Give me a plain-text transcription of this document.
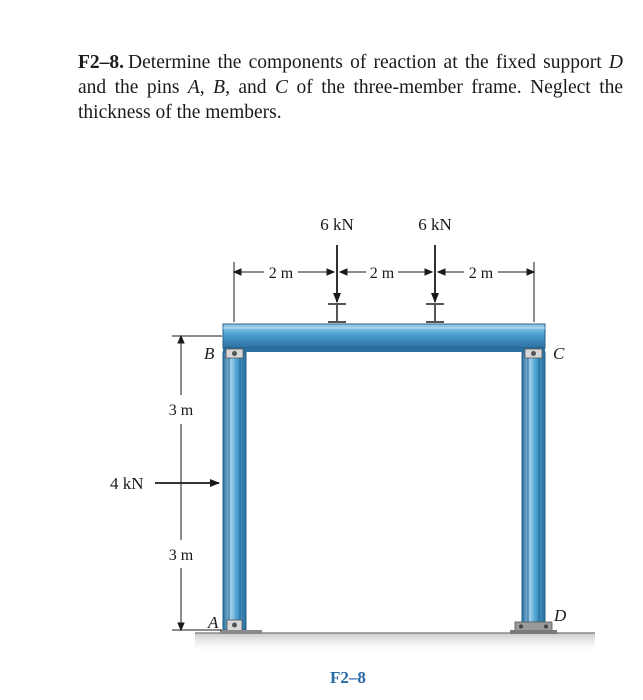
F2–8. Determine the components of reaction at the fixed support D and the pins A, B, and C of the three-member frame. Neglect the thickness of the members.

6 kN	6 kN
2 m	2 m	2 m
3 m
3 m
4 kN
B	C
A	D
F2–8
